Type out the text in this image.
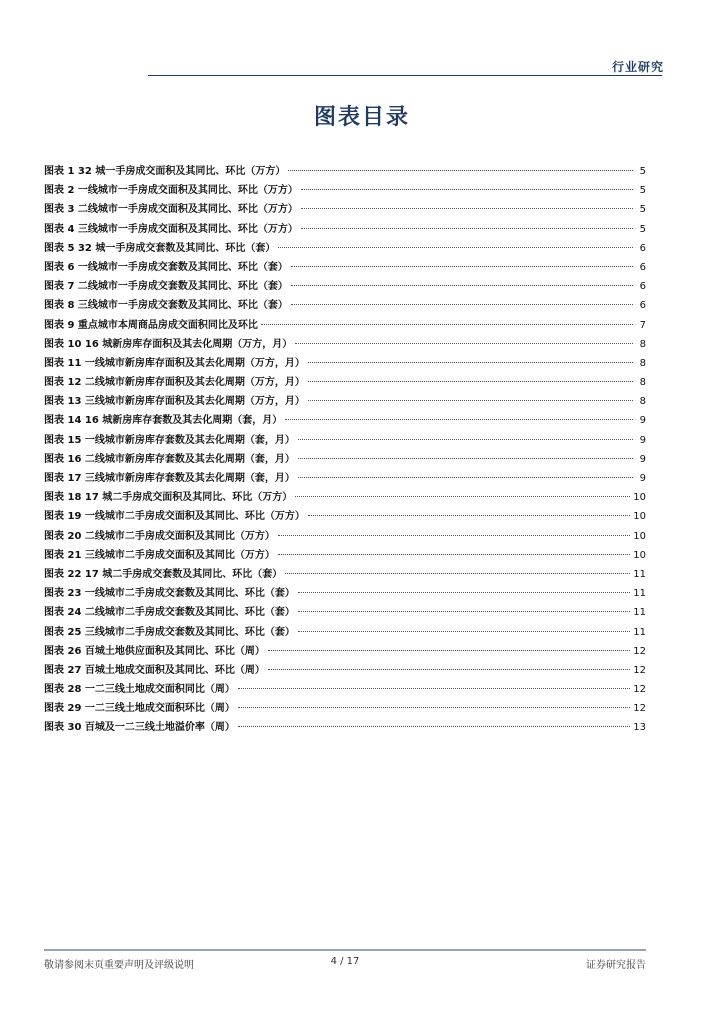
行业研究
图表目录
图表 1 32 城一手房成交面积及其同比、环比（万方）	5
图表 2 一线城市一手房成交面积及其同比、环比（万方）	5
图表 3 二线城市一手房成交面积及其同比、环比（万方）	5
图表 4 三线城市一手房成交面积及其同比、环比（万方）	5
图表 5 32 城一手房成交套数及其同比、环比（套）	6
图表 6 一线城市一手房成交套数及其同比、环比（套）	6
图表 7 二线城市一手房成交套数及其同比、环比（套）	6
图表 8 三线城市一手房成交套数及其同比、环比（套）	6
图表 9 重点城市本周商品房成交面积同比及环比	7
图表 10 16 城新房库存面积及其去化周期（万方，月）	8
图表 11 一线城市新房库存面积及其去化周期（万方，月）	8
图表 12 二线城市新房库存面积及其去化周期（万方，月）	8
图表 13 三线城市新房库存面积及其去化周期（万方，月）	8
图表 14 16 城新房库存套数及其去化周期（套，月）	9
图表 15 一线城市新房库存套数及其去化周期（套，月）	9
图表 16 二线城市新房库存套数及其去化周期（套，月）	9
图表 17 三线城市新房库存套数及其去化周期（套，月）	9
图表 18 17 城二手房成交面积及其同比、环比（万方）	10
图表 19 一线城市二手房成交面积及其同比、环比（万方）	10
图表 20 二线城市二手房成交面积及其同比（万方）	10
图表 21 三线城市二手房成交面积及其同比（万方）	10
图表 22 17 城二手房成交套数及其同比、环比（套）	11
图表 23 一线城市二手房成交套数及其同比、环比（套）	11
图表 24 二线城市二手房成交套数及其同比、环比（套）	11
图表 25 三线城市二手房成交套数及其同比、环比（套）	11
图表 26 百城土地供应面积及其同比、环比（周）	12
图表 27 百城土地成交面积及其同比、环比（周）	12
图表 28 一二三线土地成交面积同比（周）	12
图表 29 一二三线土地成交面积环比（周）	12
图表 30 百城及一二三线土地溢价率（周）	13
敬请参阅末页重要声明及评级说明	4 / 17	证券研究报告
